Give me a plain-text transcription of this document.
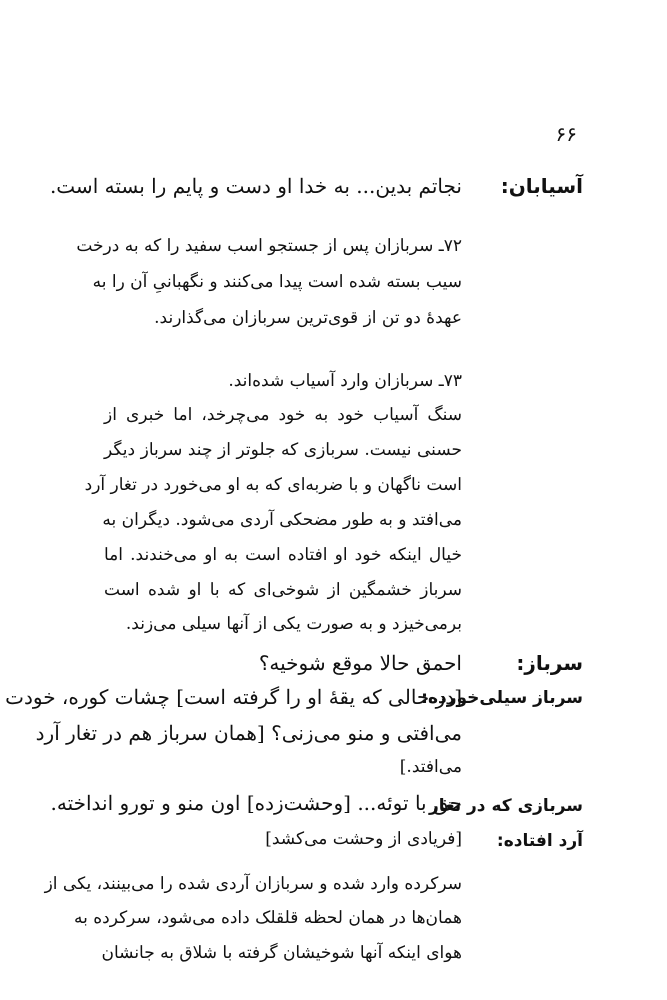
۶۶
آسیابان:
نجاتم بدین... به خدا او دست و پایم را بسته است.
۷۲ـ سربازان پس از جستجو اسب سفید را که به درخت
سیب بسته شده است پیدا می‌کنند و نگهبانیِ آن را به
عهدهٔ دو تن از قوی‌ترین سربازان می‌گذارند.
۷۳ـ سربازان وارد آسیاب شده‌اند.
سنگ آسیاب خود به خود می‌چرخد، اما خبری از
حسنی نیست. سربازی که جلوتر از چند سرباز دیگر
است ناگهان و با ضربه‌ای که به او می‌خورد در تغار آرد
می‌افتد و به طور مضحکی آردی می‌شود. دیگران به
خیال اینکه خود او افتاده است به او می‌خندند. اما
سرباز خشمگین از شوخی‌ای که با او شده است
برمی‌خیزد و به صورت یکی از آنها سیلی می‌زند.
سرباز:
احمق حالا موقع شوخیه؟
سرباز سیلی‌خورده:
[در حالی که یقهٔ او را گرفته است] چشات کوره، خودت
می‌افتی و منو می‌زنی؟ [همان سرباز هم در تغار آرد
می‌افتد.]
سربازی که در تغار
حق با توئه... [وحشت‌زده] اون منو و تورو انداخته.
آرد افتاده:
[فریادی از وحشت می‌کشد]
سرکرده وارد شده و سربازان آردی شده را می‌بینند، یکی از
همان‌ها در همان لحظه قلقلک داده می‌شود، سرکرده به
هوای اینکه آنها شوخیشان گرفته با شلاق به جانشان
